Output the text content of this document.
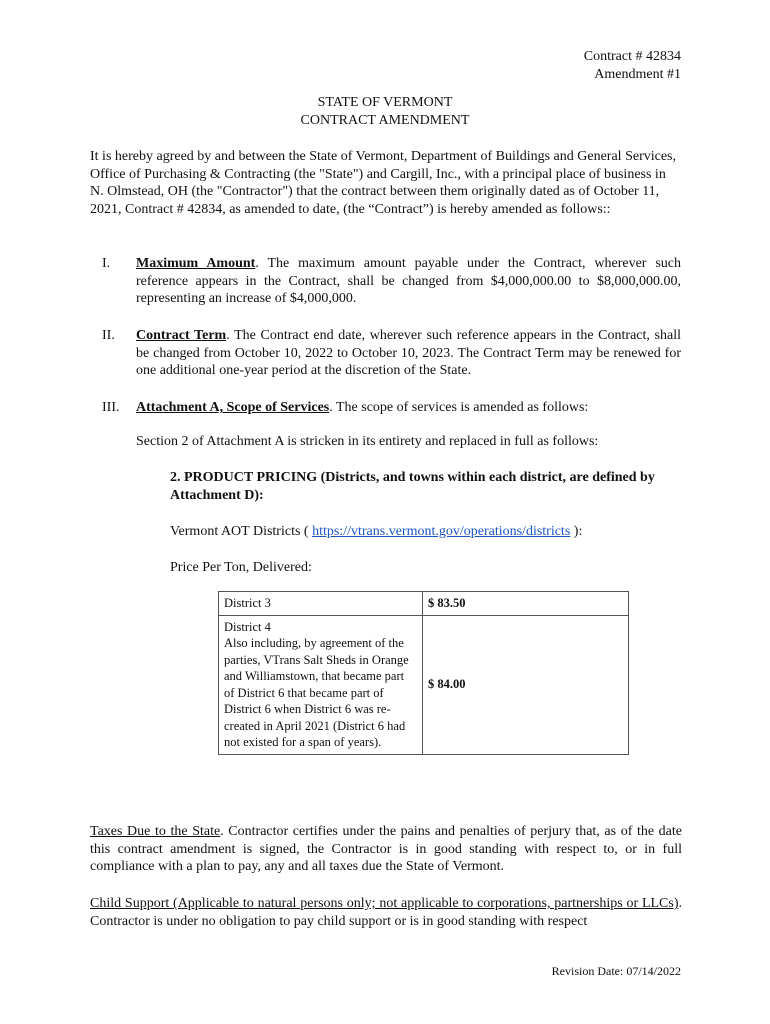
Contract # 42834
Amendment #1
STATE OF VERMONT
CONTRACT AMENDMENT
It is hereby agreed by and between the State of Vermont, Department of Buildings and General Services, Office of Purchasing & Contracting (the "State") and Cargill, Inc., with a principal place of business in N. Olmstead, OH (the "Contractor") that the contract between them originally dated as of October 11, 2021, Contract # 42834, as amended to date, (the “Contract”) is hereby amended as follows::
I. Maximum Amount. The maximum amount payable under the Contract, wherever such reference appears in the Contract, shall be changed from $4,000,000.00 to $8,000,000.00, representing an increase of $4,000,000.
II. Contract Term. The Contract end date, wherever such reference appears in the Contract, shall be changed from October 10, 2022 to October 10, 2023. The Contract Term may be renewed for one additional one-year period at the discretion of the State.
III. Attachment A, Scope of Services. The scope of services is amended as follows:
Section 2 of Attachment A is stricken in its entirety and replaced in full as follows:
2. PRODUCT PRICING (Districts, and towns within each district, are defined by Attachment D):
Vermont AOT Districts ( https://vtrans.vermont.gov/operations/districts ):
Price Per Ton, Delivered:
District 3	$ 83.50

District 4
Also including, by agreement of the parties, VTrans Salt Sheds in Orange and Williamstown, that became part of District 6 that became part of District 6 when District 6 was re-created in April 2021 (District 6 had not existed for a span of years).	$ 84.00
Taxes Due to the State. Contractor certifies under the pains and penalties of perjury that, as of the date this contract amendment is signed, the Contractor is in good standing with respect to, or in full compliance with a plan to pay, any and all taxes due the State of Vermont.
Child Support (Applicable to natural persons only; not applicable to corporations, partnerships or LLCs). Contractor is under no obligation to pay child support or is in good standing with respect
Revision Date: 07/14/2022
